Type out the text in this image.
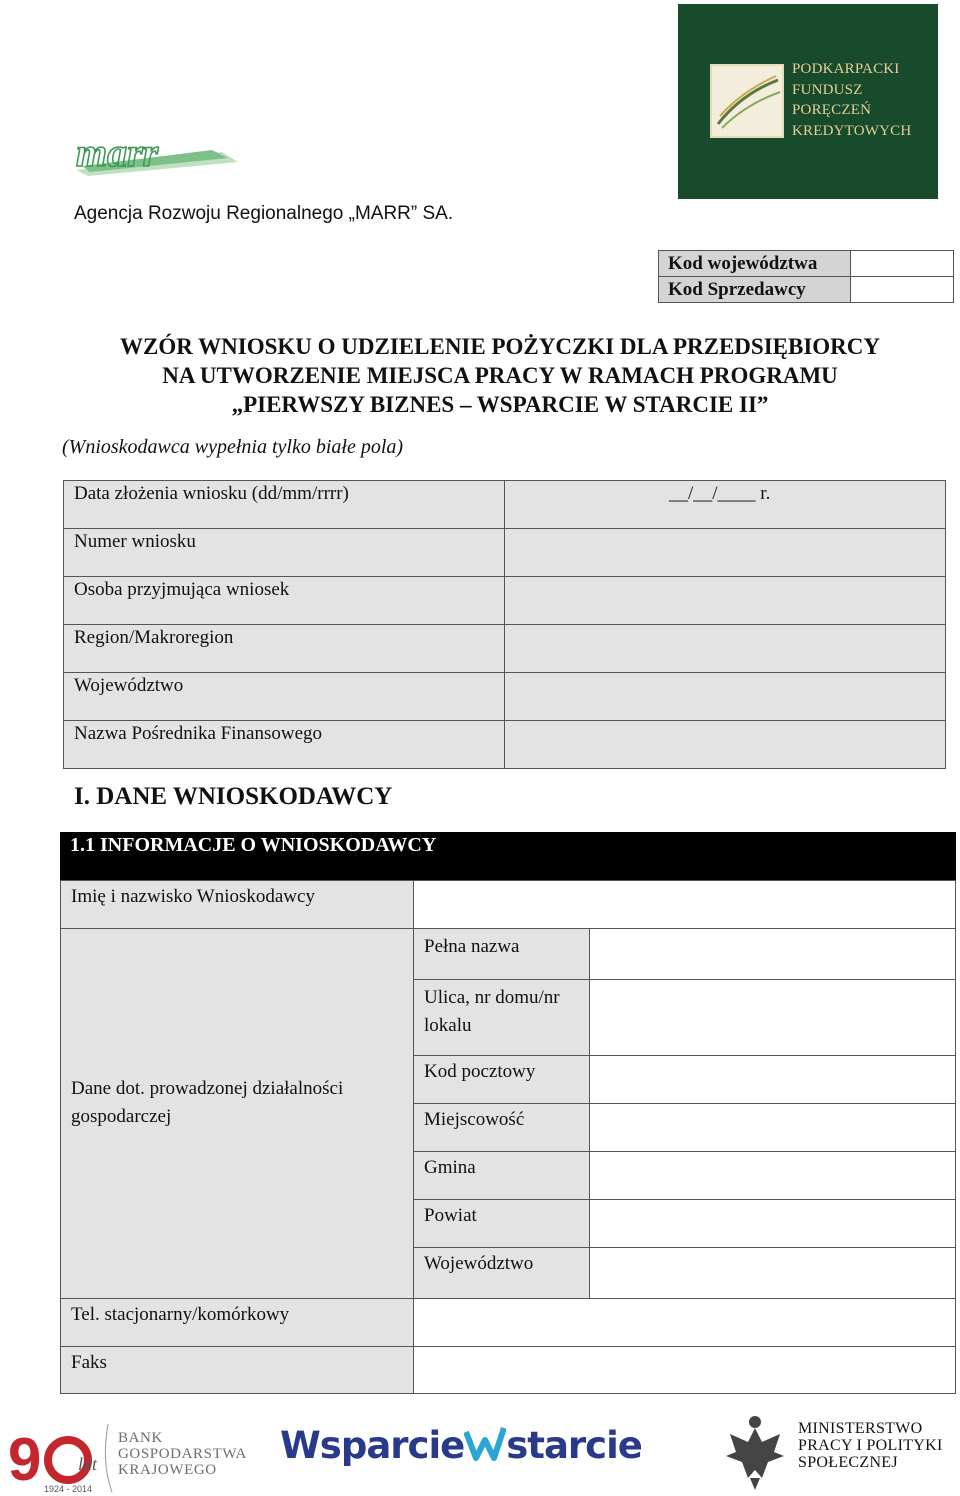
marr
Agencja Rozwoju Regionalnego „MARR” SA.
PODKARPACKI
FUNDUSZ
PORĘCZEŃ
KREDYTOWYCH
Kod województwa
Kod Sprzedawcy
WZÓR WNIOSKU O UDZIELENIE POŻYCZKI DLA PRZEDSIĘBIORCY
NA UTWORZENIE MIEJSCA PRACY W RAMACH PROGRAMU
„PIERWSZY BIZNES – WSPARCIE W STARCIE II”
(Wnioskodawca wypełnia tylko białe pola)
Data złożenia wniosku (dd/mm/rrrr)	__/__/____ r.
Numer wniosku
Osoba przyjmująca wniosek
Region/Makroregion
Województwo
Nazwa Pośrednika Finansowego
I. DANE WNIOSKODAWCY
1.1 INFORMACJE O WNIOSKODAWCY
Imię i nazwisko Wnioskodawcy
Dane dot. prowadzonej działalności gospodarczej
Pełna nazwa
Ulica, nr domu/nr lokalu
Kod pocztowy
Miejscowość
Gmina
Powiat
Województwo
Tel. stacjonarny/komórkowy
Faks
9 lat
1924 - 2014
BANK
GOSPODARSTWA
KRAJOWEGO
Wsparcie starcie	MINISTERSTWO
PRACY I POLITYKI
SPOŁECZNEJ
